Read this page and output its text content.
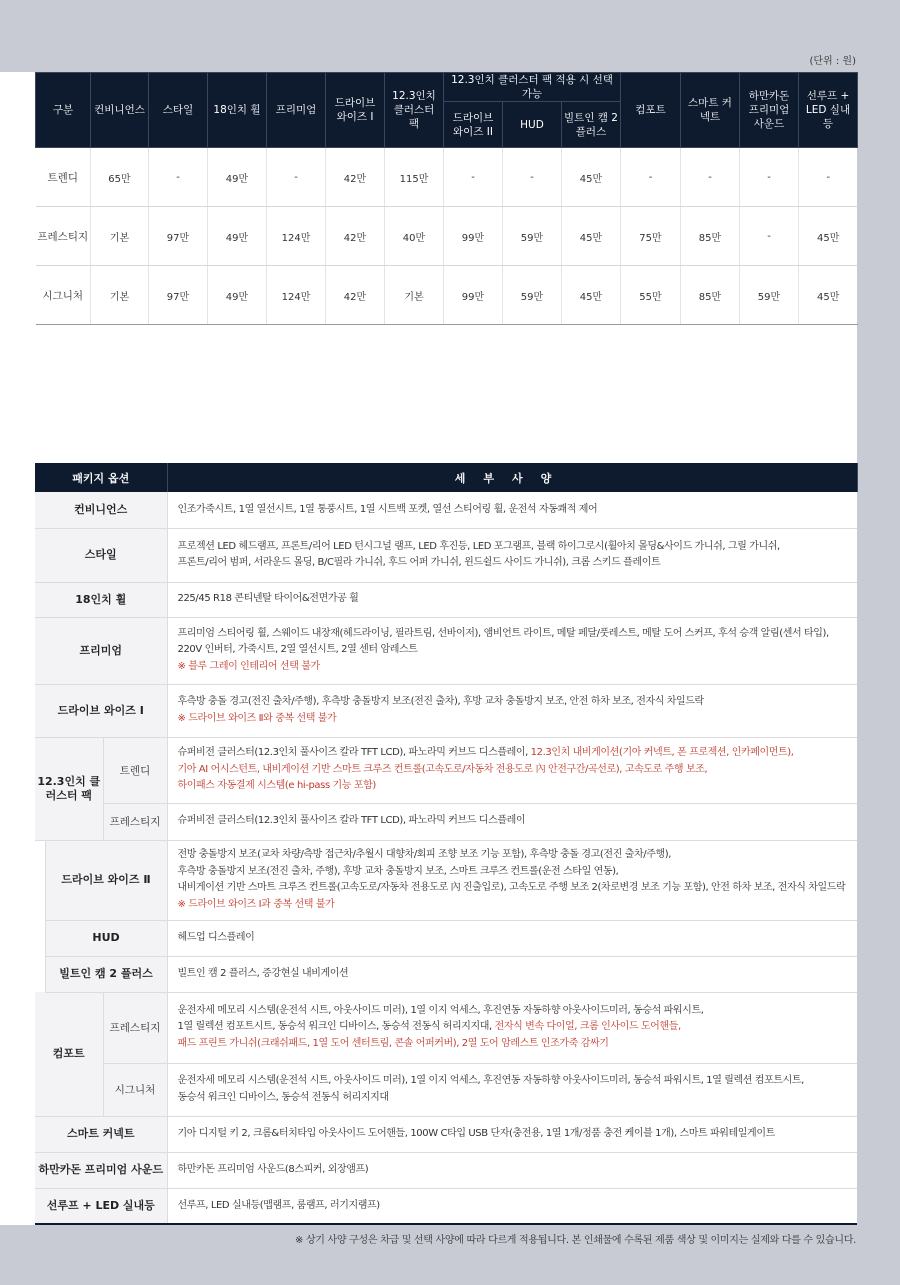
(단위 : 원)
구분	컨비니언스	스타일	18인치 휠	프리미엄	드라이브 와이즈 I	12.3인치 클러스터 팩	12.3인치 클러스터 팩 적용 시 선택 가능			컴포트	스마트 커넥트	하만카돈 프리미엄 사운드	선루프 + LED 실내등
							드라이브 와이즈 II	HUD	빌트인 캠 2 플러스				
트렌디	65만	-	49만	-	42만	115만	-	-	45만	-	-	-	-
프레스티지	기본	97만	49만	124만	42만	40만	99만	59만	45만	75만	85만	-	45만
시그니처	기본	97만	49만	124만	42만	기본	99만	59만	45만	55만	85만	59만	45만
패키지 옵션			세부사양
컨비니언스			인조가죽시트, 1열 열선시트, 1열 통풍시트, 1열 시트백 포켓, 열선 스티어링 휠, 운전석 자동쾌적 제어

스타일			프로젝션 LED 헤드램프, 프론트/리어 LED 턴시그널 램프, LED 후진등, LED 포그램프, 블랙 하이그로시(휠아치 몰딩&사이드 가니쉬, 그릴 가니쉬,
프론트/리어 범퍼, 서라운드 몰딩, B/C필라 가니쉬, 후드 어퍼 가니쉬, 윈드쉴드 사이드 가니쉬), 크롬 스키드 플레이트

18인치 휠			225/45 R18 콘티넨탈 타이어&전면가공 휠

프리미엄			프리미엄 스티어링 휠, 스웨이드 내장재(헤드라이닝, 필라트림, 선바이저), 앰비언트 라이트, 메탈 페달/풋레스트, 메탈 도어 스커프, 후석 승객 알림(센서 타입),
220V 인버터, 가죽시트, 2열 열선시트, 2열 센터 암레스트
※ 블루 그레이 인테리어 선택 불가

드라이브 와이즈 Ⅰ			후측방 충돌 경고(전진 출차/주행), 후측방 충돌방지 보조(전진 출차), 후방 교차 충돌방지 보조, 안전 하차 보조, 전자식 차일드락
※ 드라이브 와이즈 Ⅱ와 중복 선택 불가

12.3인치 클러스터 팩		트렌디	슈퍼비전 클러스터(12.3인치 풀사이즈 칼라 TFT LCD), 파노라믹 커브드 디스플레이, 12.3인치 내비게이션(기아 커넥트, 폰 프로젝션, 인카페이먼트),
기아 AI 어시스턴트, 내비게이션 기반 스마트 크루즈 컨트롤(고속도로/자동차 전용도로 內 안전구간/곡선로), 고속도로 주행 보조,
하이패스 자동결제 시스템(e hi-pass 기능 포함)

		프레스티지	슈퍼비전 클러스터(12.3인치 풀사이즈 칼라 TFT LCD), 파노라믹 커브드 디스플레이

	드라이브 와이즈 Ⅱ		전방 충돌방지 보조(교차 차량/측방 접근차/추월시 대향차/회피 조향 보조 기능 포함), 후측방 충돌 경고(전진 출차/주행),
후측방 충돌방지 보조(전진 출차, 주행), 후방 교차 충돌방지 보조, 스마트 크루즈 컨트롤(운전 스타일 연동),
내비게이션 기반 스마트 크루즈 컨트롤(고속도로/자동차 전용도로 內 진출입로), 고속도로 주행 보조 2(차로변경 보조 기능 포함), 안전 하차 보조, 전자식 차일드락
※ 드라이브 와이즈 Ⅰ과 중복 선택 불가

	HUD		헤드업 디스플레이

	빌트인 캠 2 플러스		빌트인 캠 2 플러스, 증강현실 내비게이션

컴포트		프레스티지	운전자세 메모리 시스템(운전석 시트, 아웃사이드 미러), 1열 이지 억세스, 후진연동 자동하향 아웃사이드미러, 동승석 파워시트,
1열 릴렉션 컴포트시트, 동승석 워크인 디바이스, 동승석 전동식 허리지지대, 전자식 변속 다이얼, 크롬 인사이드 도어핸들,
패드 프린트 가니쉬(크래쉬패드, 1열 도어 센터트림, 콘솔 어퍼커버), 2열 도어 암레스트 인조가죽 감싸기

		시그니처	운전자세 메모리 시스템(운전석 시트, 아웃사이드 미러), 1열 이지 억세스, 후진연동 자동하향 아웃사이드미러, 동승석 파워시트, 1열 릴렉션 컴포트시트,
동승석 워크인 디바이스, 동승석 전동식 허리지지대

스마트 커넥트			기아 디지털 키 2, 크롬&터치타입 아웃사이드 도어핸들, 100W C타입 USB 단자(충전용, 1열 1개/정품 충전 케이블 1개), 스마트 파워테일게이트

하만카돈 프리미엄 사운드			하만카돈 프리미엄 사운드(8스피커, 외장앰프)

선루프 + LED 실내등			선루프, LED 실내등(맵램프, 룸램프, 러기지램프)
※ 상기 사양 구성은 차급 및 선택 사양에 따라 다르게 적용됩니다. 본 인쇄물에 수록된 제품 색상 및 이미지는 실제와 다를 수 있습니다.
